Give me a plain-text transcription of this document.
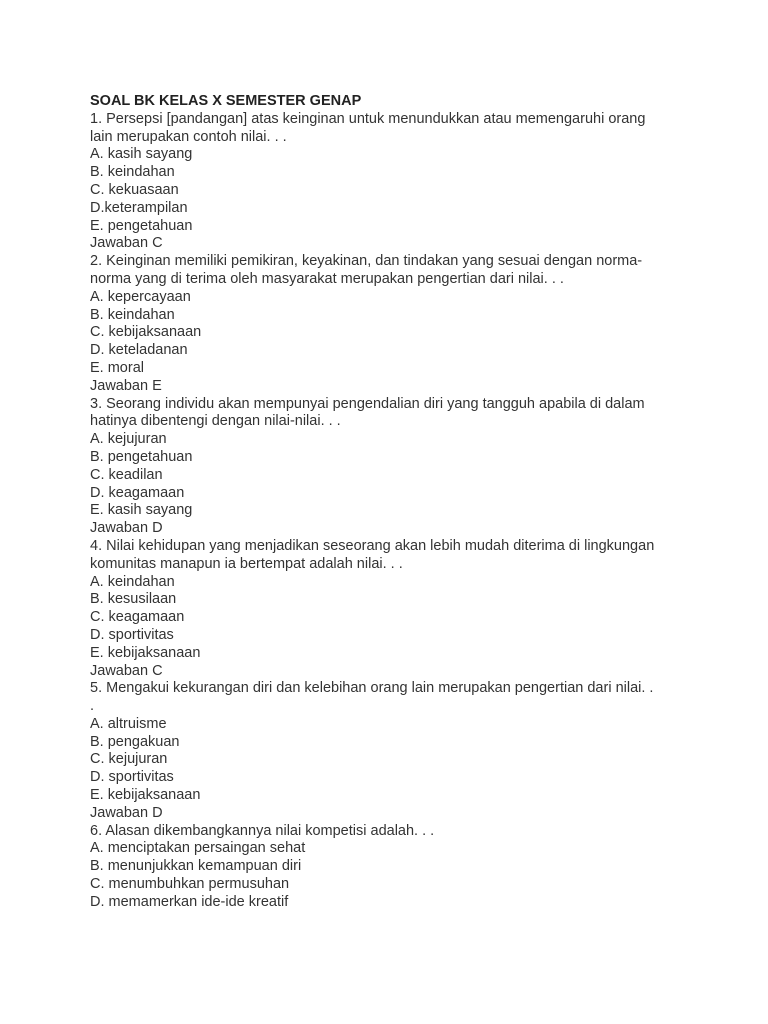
SOAL BK KELAS X SEMESTER GENAP
1. Persepsi [pandangan] atas keinginan untuk menundukkan atau memengaruhi orang
lain merupakan contoh nilai. . .
A. kasih sayang
B. keindahan
C. kekuasaan
D.keterampilan
E. pengetahuan
Jawaban C
2. Keinginan memiliki pemikiran, keyakinan, dan tindakan yang sesuai dengan norma-
norma yang di terima oleh masyarakat merupakan pengertian dari nilai. . .
A. kepercayaan
B. keindahan
C. kebijaksanaan
D. keteladanan
E. moral
Jawaban E
3. Seorang individu akan mempunyai pengendalian diri yang tangguh apabila di dalam
hatinya dibentengi dengan nilai-nilai. . .
A. kejujuran
B. pengetahuan
C. keadilan
D. keagamaan
E. kasih sayang
Jawaban D
4. Nilai kehidupan yang menjadikan seseorang akan lebih mudah diterima di lingkungan
komunitas manapun ia bertempat adalah nilai. . .
A. keindahan
B. kesusilaan
C. keagamaan
D. sportivitas
E. kebijaksanaan
Jawaban C
5. Mengakui kekurangan diri dan kelebihan orang lain merupakan pengertian dari nilai. .
.
A. altruisme
B. pengakuan
C. kejujuran
D. sportivitas
E. kebijaksanaan
Jawaban D
6. Alasan dikembangkannya nilai kompetisi adalah. . .
A. menciptakan persaingan sehat
B. menunjukkan kemampuan diri
C. menumbuhkan permusuhan
D. memamerkan ide-ide kreatif
